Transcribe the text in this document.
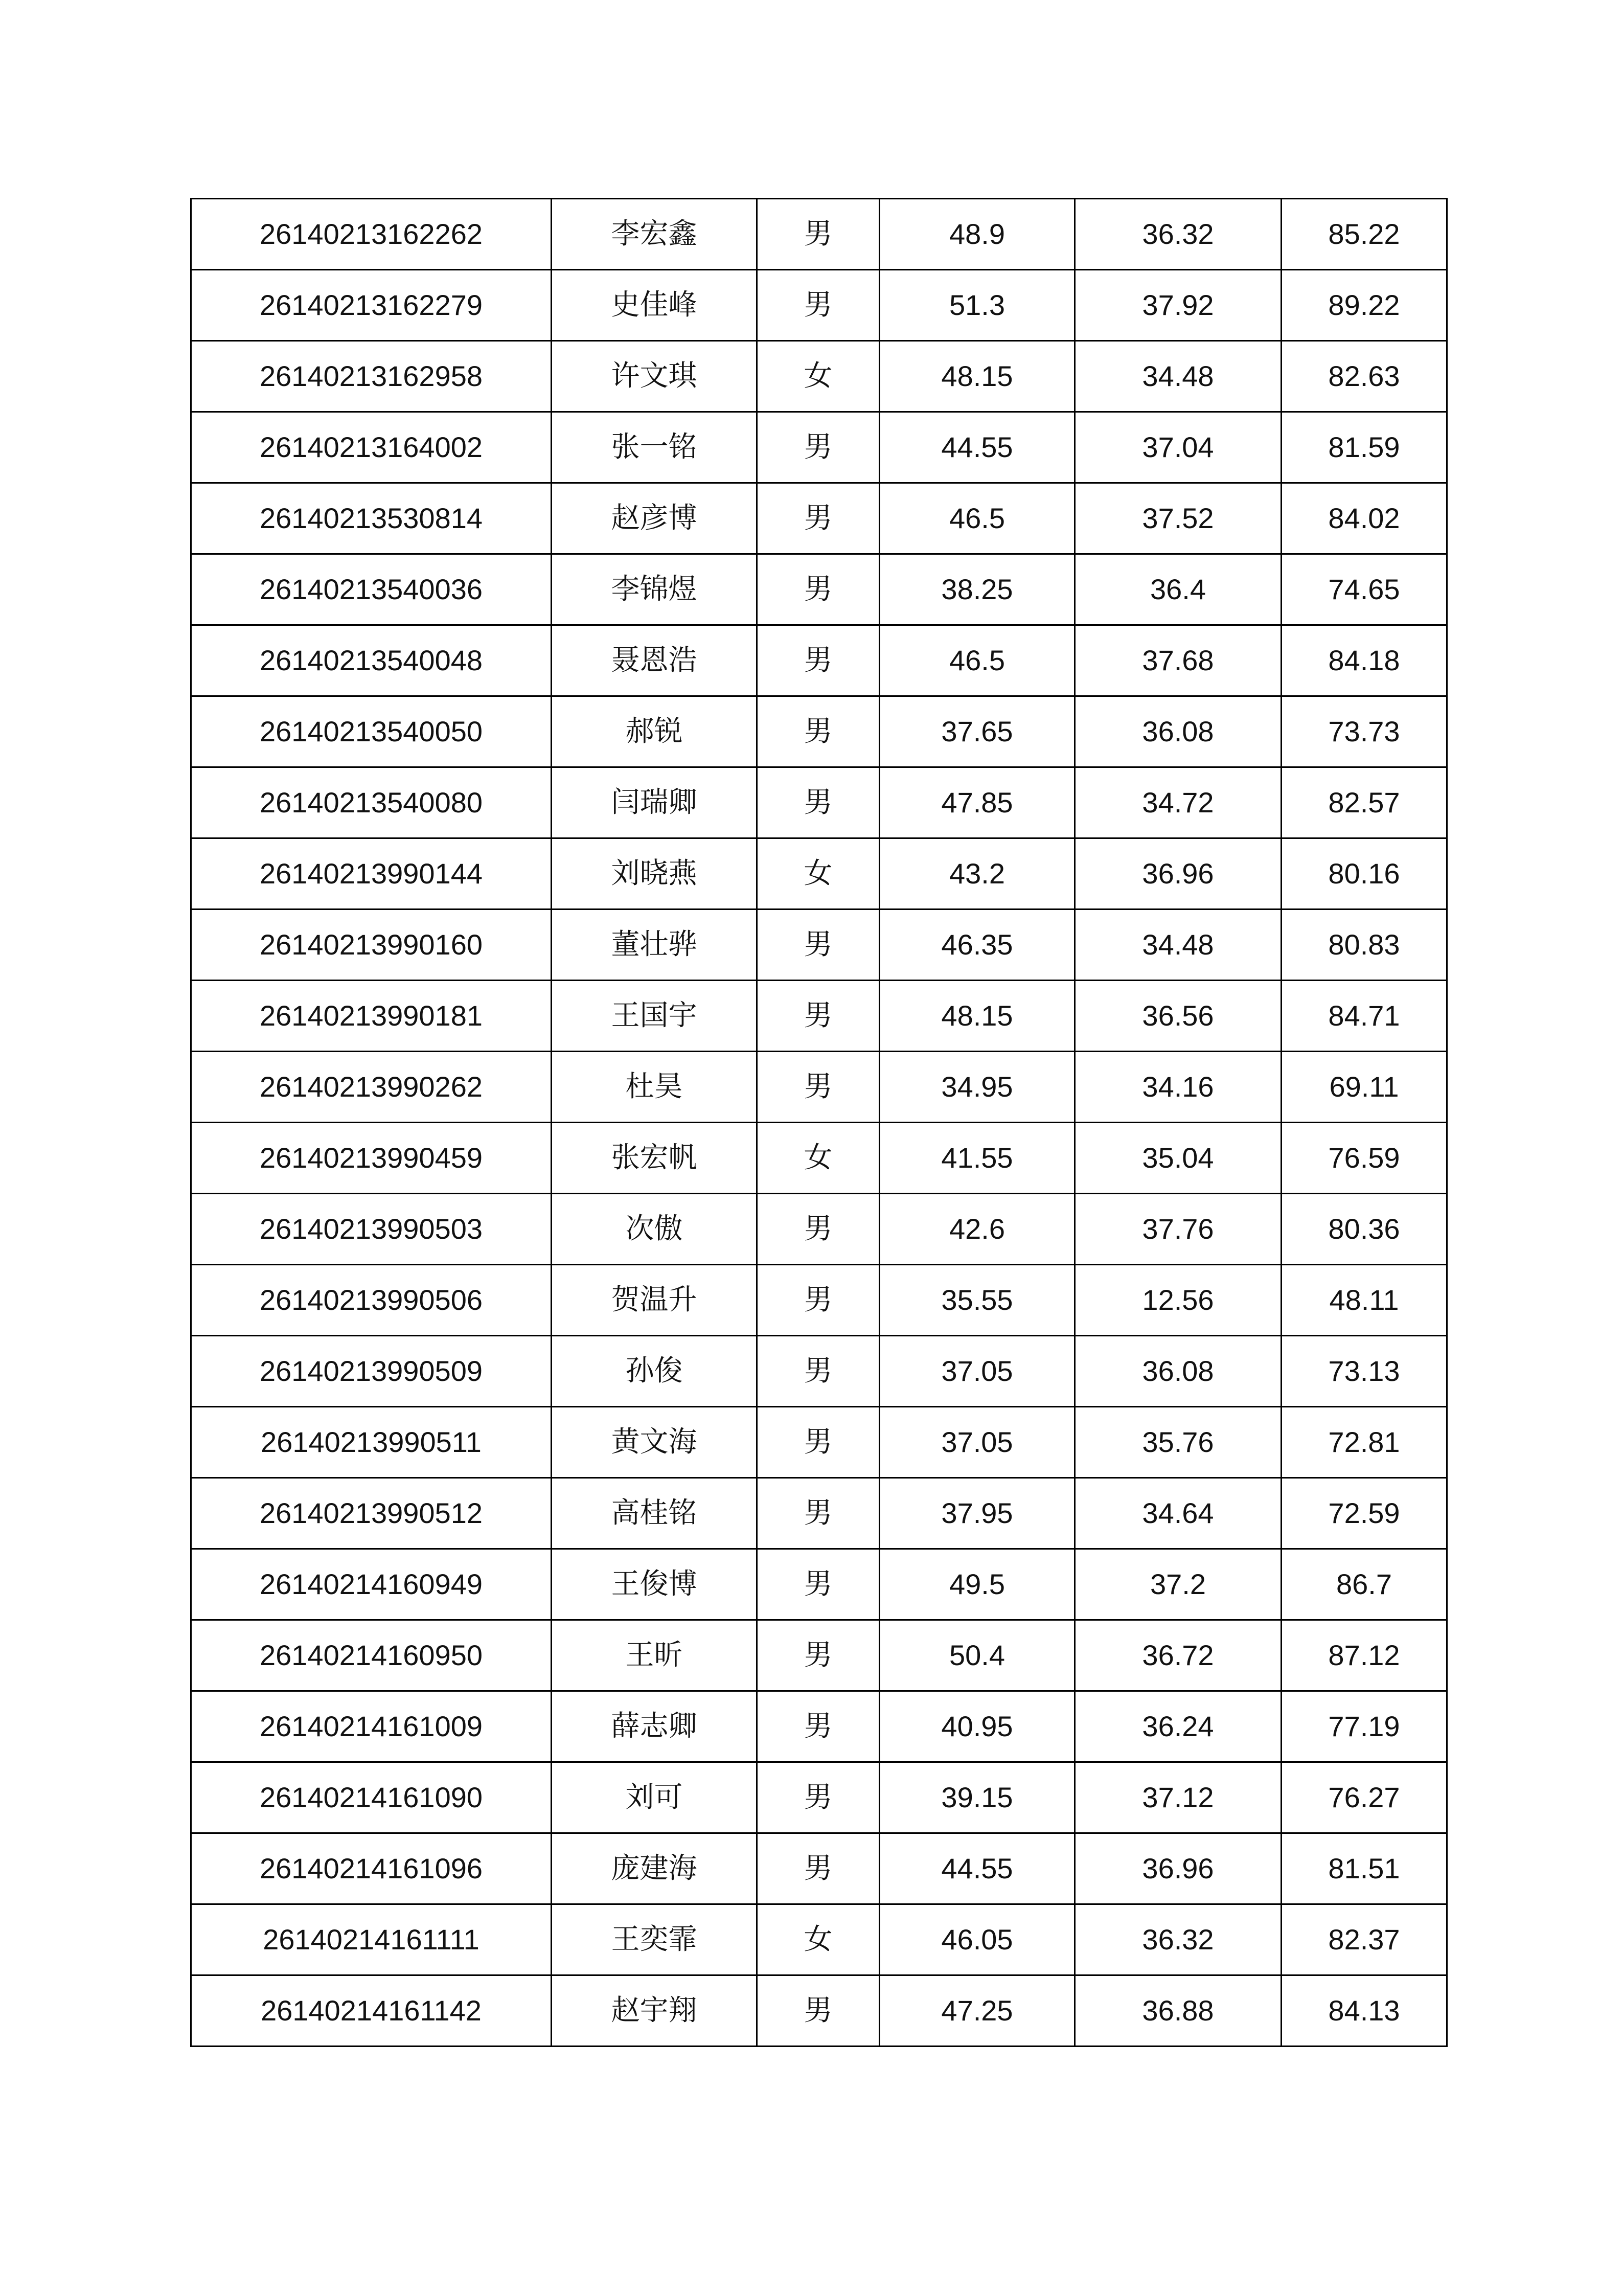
26140213162262	李宏鑫	男	48.9	36.32	85.22
26140213162279	史佳峰	男	51.3	37.92	89.22
26140213162958	许文琪	女	48.15	34.48	82.63
26140213164002	张一铭	男	44.55	37.04	81.59
26140213530814	赵彦博	男	46.5	37.52	84.02
26140213540036	李锦煜	男	38.25	36.4	74.65
26140213540048	聂恩浩	男	46.5	37.68	84.18
26140213540050	郝锐	男	37.65	36.08	73.73
26140213540080	闫瑞卿	男	47.85	34.72	82.57
26140213990144	刘晓燕	女	43.2	36.96	80.16
26140213990160	董壮骅	男	46.35	34.48	80.83
26140213990181	王国宇	男	48.15	36.56	84.71
26140213990262	杜昊	男	34.95	34.16	69.11
26140213990459	张宏帆	女	41.55	35.04	76.59
26140213990503	次傲	男	42.6	37.76	80.36
26140213990506	贺温升	男	35.55	12.56	48.11
26140213990509	孙俊	男	37.05	36.08	73.13
26140213990511	黄文海	男	37.05	35.76	72.81
26140213990512	高桂铭	男	37.95	34.64	72.59
26140214160949	王俊博	男	49.5	37.2	86.7
26140214160950	王昕	男	50.4	36.72	87.12
26140214161009	薛志卿	男	40.95	36.24	77.19
26140214161090	刘可	男	39.15	37.12	76.27
26140214161096	庞建海	男	44.55	36.96	81.51
26140214161111	王奕霏	女	46.05	36.32	82.37
26140214161142	赵宇翔	男	47.25	36.88	84.13
